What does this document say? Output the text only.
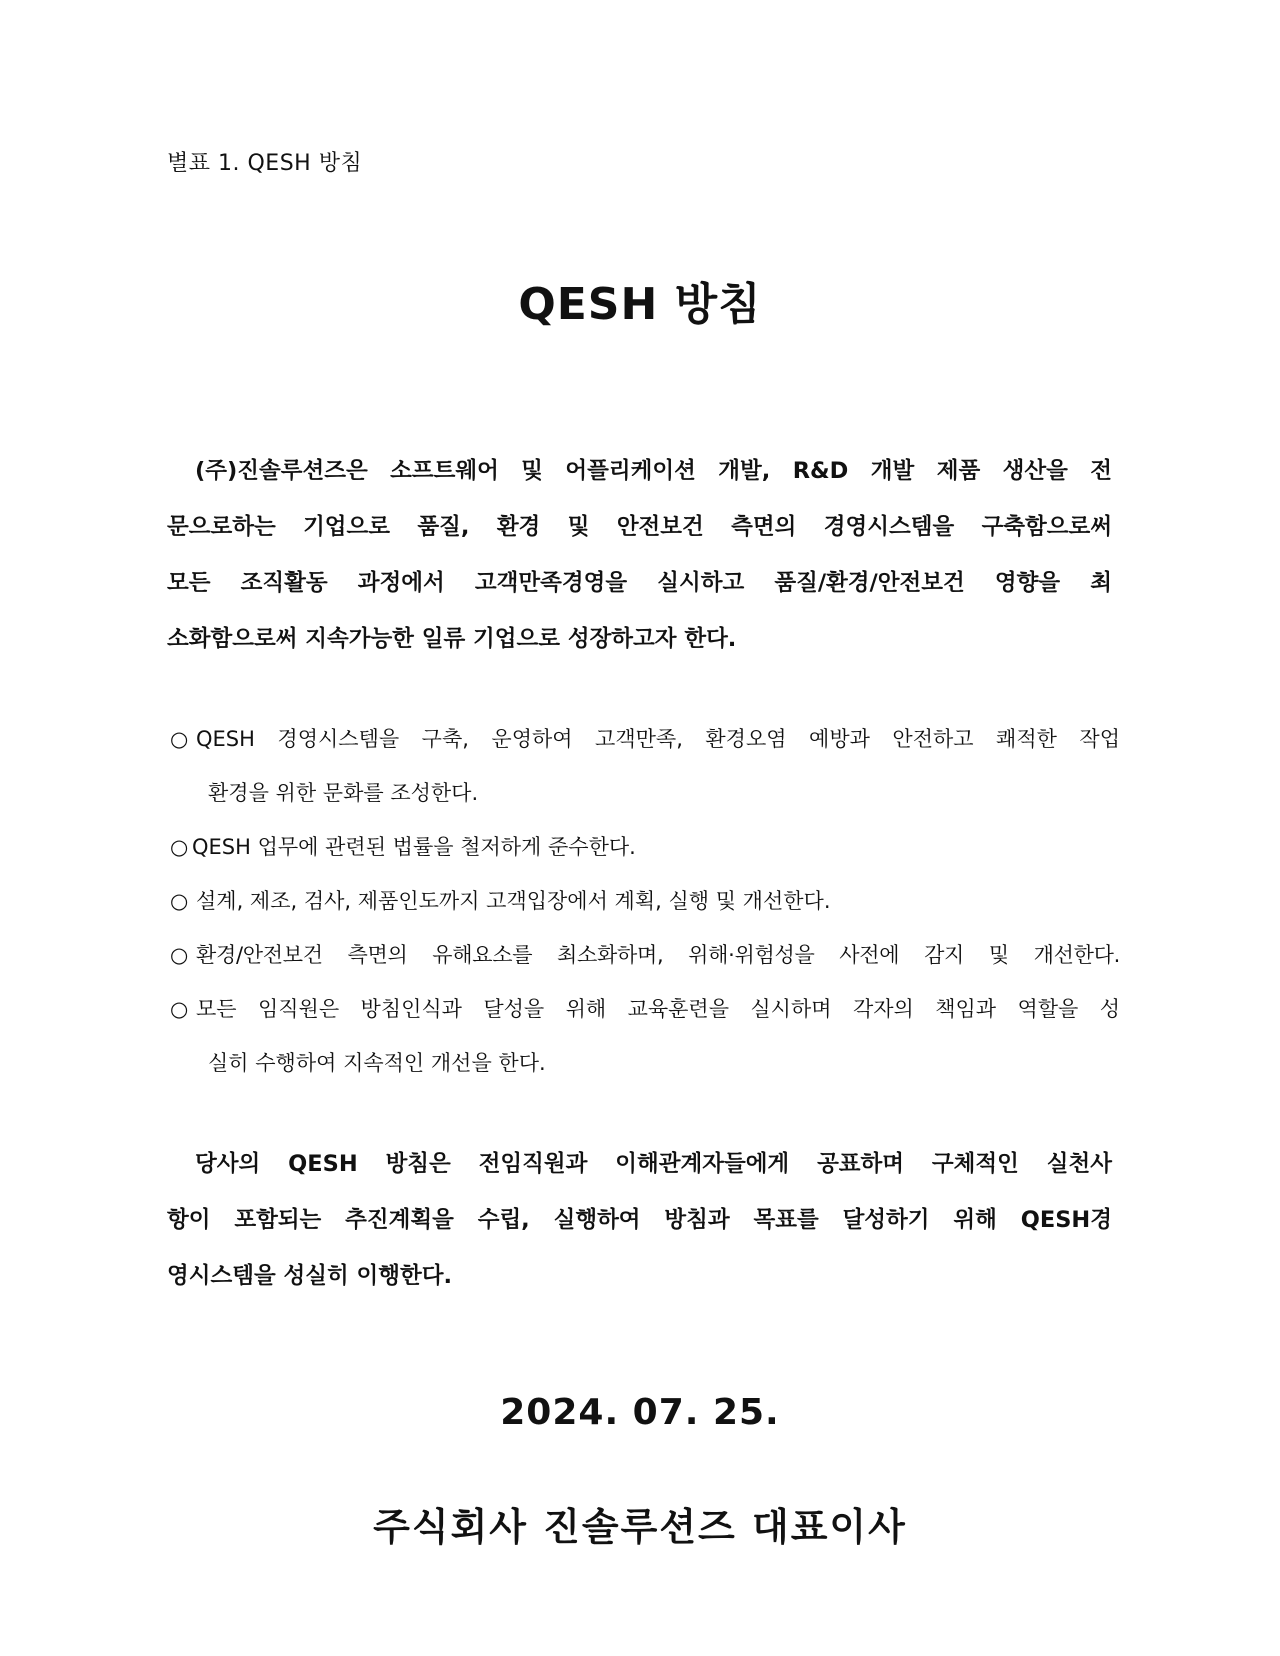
별표 1. QESH 방침
QESH 방침
(주)진솔루션즈은 소프트웨어 및 어플리케이션 개발, R&D 개발 제품 생산을 전
문으로하는 기업으로 품질, 환경 및 안전보건 측면의 경영시스템을 구축함으로써
모든 조직활동 과정에서 고객만족경영을 실시하고 품질/환경/안전보건 영향을 최
소화함으로써 지속가능한 일류 기업으로 성장하고자 한다.
○ QESH 경영시스템을 구축, 운영하여 고객만족, 환경오염 예방과 안전하고 쾌적한 작업
환경을 위한 문화를 조성한다.
○ QESH 업무에 관련된 법률을 철저하게 준수한다.
○ 설계, 제조, 검사, 제품인도까지 고객입장에서 계획, 실행 및 개선한다.
○ 환경/안전보건 측면의 유해요소를 최소화하며, 위해·위험성을 사전에 감지 및 개선한다.
○ 모든 임직원은 방침인식과 달성을 위해 교육훈련을 실시하며 각자의 책임과 역할을 성
실히 수행하여 지속적인 개선을 한다.
당사의 QESH 방침은 전임직원과 이해관계자들에게 공표하며 구체적인 실천사
항이 포함되는 추진계획을 수립, 실행하여 방침과 목표를 달성하기 위해 QESH경
영시스템을 성실히 이행한다.
2024. 07. 25.
주식회사 진솔루션즈 대표이사
